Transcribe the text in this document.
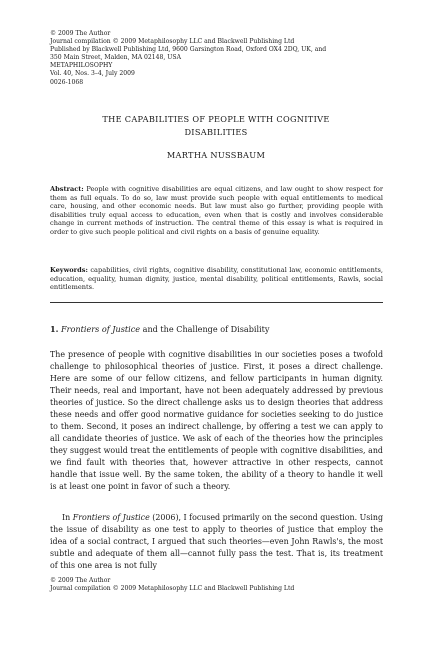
© 2009 The Author
Journal compilation © 2009 Metaphilosophy LLC and Blackwell Publishing Ltd
Published by Blackwell Publishing Ltd, 9600 Garsington Road, Oxford OX4 2DQ, UK, and
350 Main Street, Malden, MA 02148, USA
METAPHILOSOPHY
Vol. 40, Nos. 3–4, July 2009
0026-1068
THE CAPABILITIES OF PEOPLE WITH COGNITIVE
DISABILITIES
MARTHA NUSSBAUM
Abstract: People with cognitive disabilities are equal citizens, and law ought to show respect for them as full equals. To do so, law must provide such people with equal entitlements to medical care, housing, and other economic needs. But law must also go further, providing people with disabilities truly equal access to education, even when that is costly and involves considerable change in current methods of instruction. The central theme of this essay is what is required in order to give such people political and civil rights on a basis of genuine equality.
Keywords: capabilities, civil rights, cognitive disability, constitutional law, economic entitlements, education, equality, human dignity, justice, mental disability, political entitlements, Rawls, social entitlements.
1. Frontiers of Justice and the Challenge of Disability
The presence of people with cognitive disabilities in our societies poses a twofold challenge to philosophical theories of justice. First, it poses a direct challenge. Here are some of our fellow citizens, and fellow participants in human dignity. Their needs, real and important, have not been adequately addressed by previous theories of justice. So the direct challenge asks us to design theories that address these needs and offer good normative guidance for societies seeking to do justice to them. Second, it poses an indirect challenge, by offering a test we can apply to all candidate theories of justice. We ask of each of the theories how the principles they suggest would treat the entitlements of people with cognitive disabilities, and we find fault with theories that, however attractive in other respects, cannot handle that issue well. By the same token, the ability of a theory to handle it well is at least one point in favor of such a theory.
In Frontiers of Justice (2006), I focused primarily on the second question. Using the issue of disability as one test to apply to theories of justice that employ the idea of a social contract, I argued that such theories—even John Rawls's, the most subtle and adequate of them all—cannot fully pass the test. That is, its treatment of this one area is not fully
© 2009 The Author
Journal compilation © 2009 Metaphilosophy LLC and Blackwell Publishing Ltd
